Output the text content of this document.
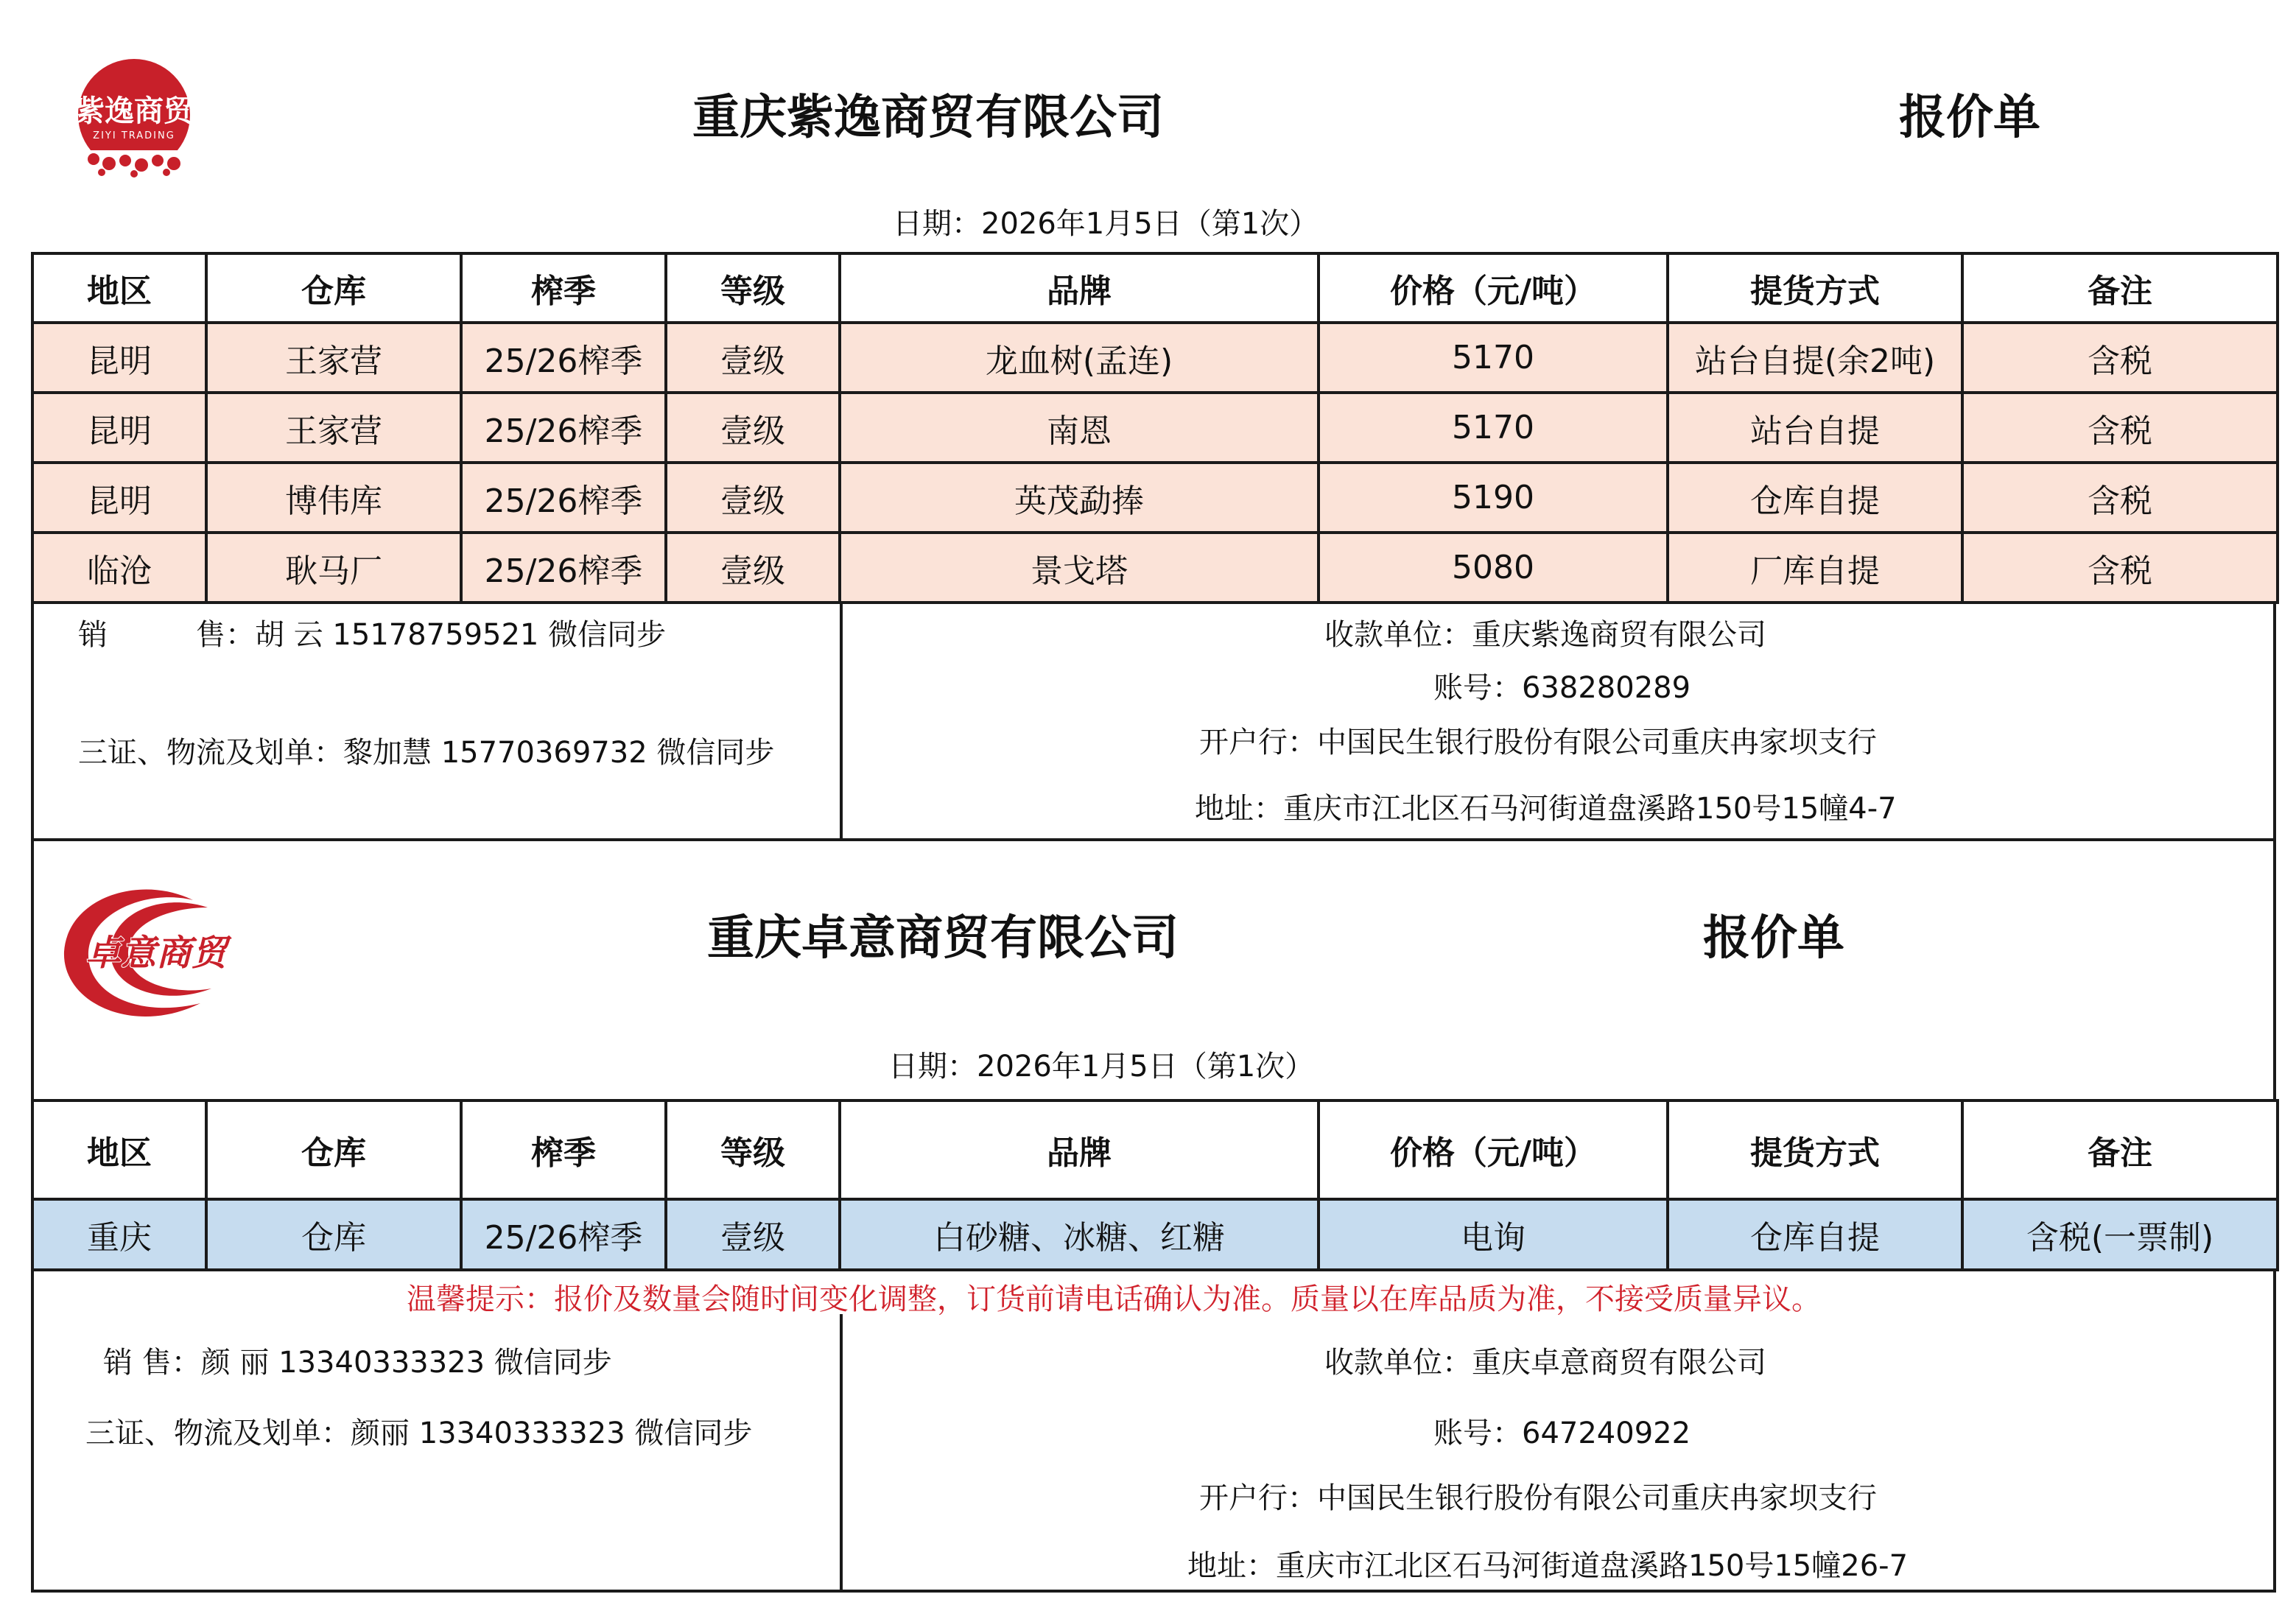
紫逸商贸
ZIYI TRADING	重庆紫逸商贸有限公司	报价单
日期：2026年1月5日（第1次）
地区	仓库	榨季	等级	品牌	价格（元/吨）	提货方式	备注
昆明	王家营	25/26榨季	壹级	龙血树(孟连)	5170	站台自提(余2吨)	含税
昆明	王家营	25/26榨季	壹级	南恩	5170	站台自提	含税
昆明	博伟库	25/26榨季	壹级	英茂勐捧	5190	仓库自提	含税
临沧	耿马厂	25/26榨季	壹级	景戈塔	5080	厂库自提	含税
销　　　售：胡 云 15178759521 微信同步
三证、物流及划单：黎加慧 15770369732 微信同步
收款单位：重庆紫逸商贸有限公司
账号：638280289
开户行：中国民生银行股份有限公司重庆冉家坝支行
地址：重庆市江北区石马河街道盘溪路150号15幢4-7
卓意商贸	重庆卓意商贸有限公司	报价单
日期：2026年1月5日（第1次）
地区	仓库	榨季	等级	品牌	价格（元/吨）	提货方式	备注
重庆	仓库	25/26榨季	壹级	白砂糖、冰糖、红糖	电询	仓库自提	含税(一票制)
温馨提示：报价及数量会随时间变化调整，订货前请电话确认为准。质量以在库品质为准，不接受质量异议。
销 售：颜 丽 13340333323 微信同步
三证、物流及划单：颜丽 13340333323 微信同步
收款单位：重庆卓意商贸有限公司
账号：647240922
开户行：中国民生银行股份有限公司重庆冉家坝支行
地址：重庆市江北区石马河街道盘溪路150号15幢26-7
